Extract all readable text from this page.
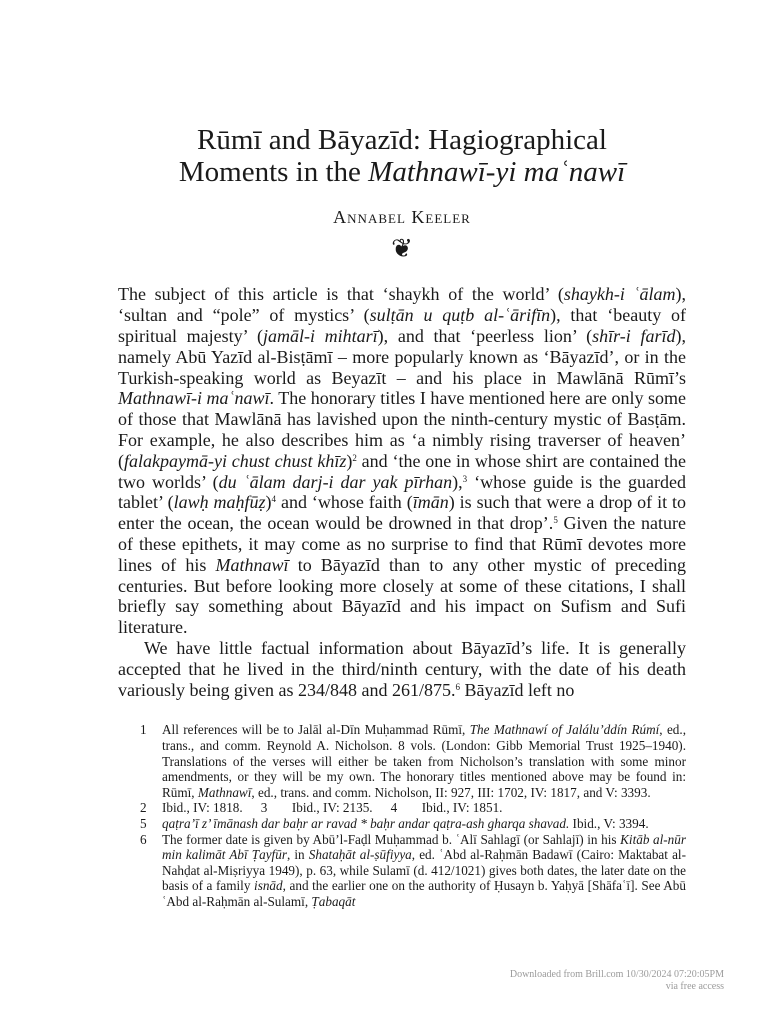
Rūmī and Bāyazīd: Hagiographical
Moments in the Mathnawī-yi maʿnawī
Annabel Keeler
❦

The subject of this article is that ‘shaykh of the world’ (shaykh-i ʿālam), ‘sultan and “pole” of mystics’ (sulṭān u quṭb al-ʿārifīn), that ‘beauty of spiritual majesty’ (jamāl-i mihtarī), and that ‘peerless lion’ (shīr-i farīd), namely Abū Yazīd al-Bisṭāmī – more popularly known as ‘Bāyazīd’, or in the Turkish-speaking world as Beyazīt – and his place in Mawlānā Rūmī’s Mathnawī-i maʿnawī. The honorary titles I have mentioned here are only some of those that Mawlānā has lavished upon the ninth-century mystic of Basṭām. For example, he also describes him as ‘a nimbly rising traverser of heaven’ (falakpaymā-yi chust chust khīz)$^2$ and ‘the one in whose shirt are contained the two worlds’ (du ʿālam darj-i dar yak pīrhan),$^3$ ‘whose guide is the guarded tablet’ (lawḥ maḥfūẓ)$^4$ and ‘whose faith (īmān) is such that were a drop of it to enter the ocean, the ocean would be drowned in that drop’.$^5$ Given the nature of these epithets, it may come as no surprise to find that Rūmī devotes more lines of his Mathnawī to Bāyazīd than to any other mystic of preceding centuries. But before looking more closely at some of these citations, I shall briefly say something about Bāyazīd and his impact on Sufism and Sufi literature.

We have little factual information about Bāyazīd’s life. It is generally accepted that he lived in the third/ninth century, with the date of his death variously being given as 234/848 and 261/875.$^6$ Bāyazīd left no

1	All references will be to Jalāl al-Dīn Muḥammad Rūmī, The Mathnawí of Jalálu’ddín Rúmí, ed., trans., and comm. Reynold A. Nicholson. 8 vols. (London: Gibb Memorial Trust 1925–1940). Translations of the verses will either be taken from Nicholson’s translation with some minor amendments, or they will be my own. The honorary titles mentioned above may be found in: Rūmī, Mathnawī, ed., trans. and comm. Nicholson, II: 927, III: 1702, IV: 1817, and V: 3393.
2	Ibid., IV: 1818. 3 Ibid., IV: 2135. 4 Ibid., IV: 1851.
5	qaṭra’ī z’ īmānash dar baḥr ar ravad * baḥr andar qaṭra-ash gharqa shavad. Ibid., V: 3394.
6	The former date is given by Abū’l-Faḍl Muḥammad b. ʿAlī Sahlagī (or Sahlajī) in his Kitāb al-nūr min kalimāt Abī Ṭayfūr, in Shataḥāt al-ṣūfiyya, ed. ʿAbd al-Raḥmān Badawī (Cairo: Maktabat al-Nahḍat al-Miṣriyya 1949), p. 63, while Sulamī (d. 412/1021) gives both dates, the later date on the basis of a family isnād, and the earlier one on the authority of Ḥusayn b. Yaḥyā [Shāfaʿī]. See Abū ʿAbd al-Raḥmān al-Sulamī, Ṭabaqāt
Downloaded from Brill.com 10/30/2024 07:20:05PM
via free access
